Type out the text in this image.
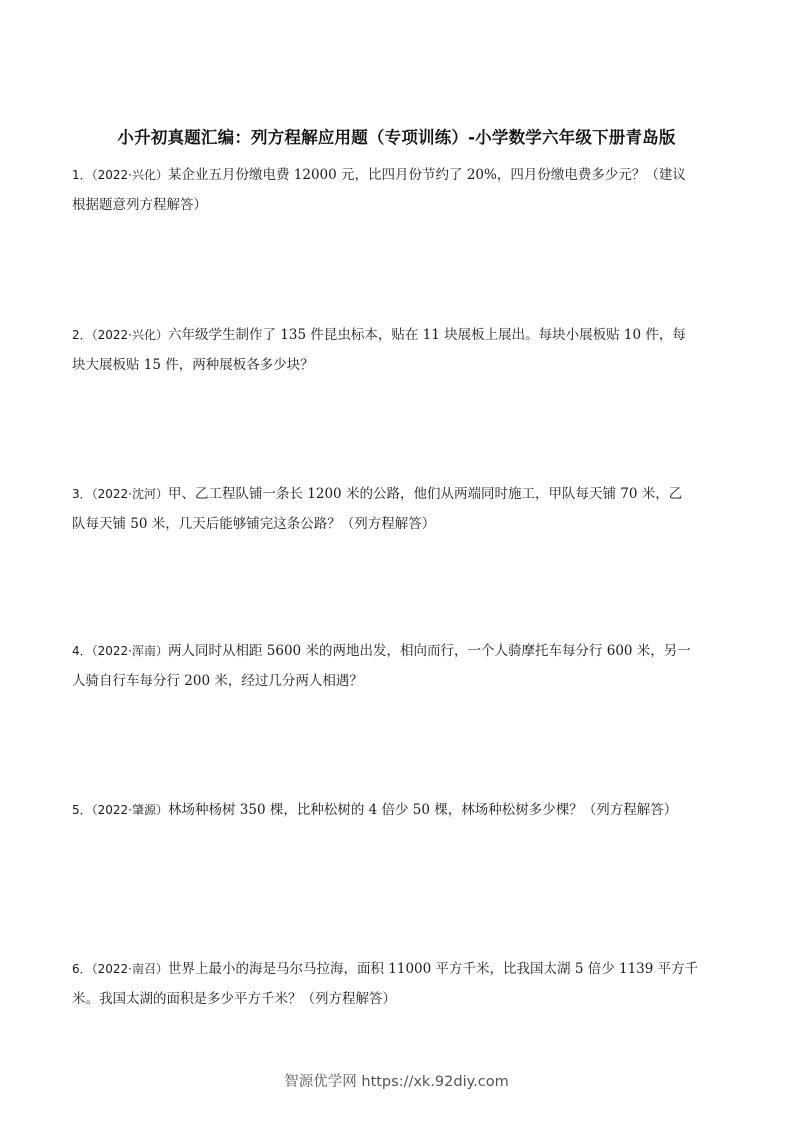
小升初真题汇编：列方程解应用题（专项训练）-小学数学六年级下册青岛版
1．（2022·兴化）某企业五月份缴电费 12000 元，比四月份节约了 20%，四月份缴电费多少元？（建议
根据题意列方程解答）
2．（2022·兴化）六年级学生制作了 135 件昆虫标本，贴在 11 块展板上展出。每块小展板贴 10 件，每
块大展板贴 15 件，两种展板各多少块？
3．（2022·沈河）甲、乙工程队铺一条长 1200 米的公路，他们从两端同时施工，甲队每天铺 70 米，乙
队每天铺 50 米，几天后能够铺完这条公路？（列方程解答）
4．（2022·浑南）两人同时从相距 5600 米的两地出发，相向而行，一个人骑摩托车每分行 600 米，另一
人骑自行车每分行 200 米，经过几分两人相遇？
5．（2022·肇源）林场种杨树 350 棵，比种松树的 4 倍少 50 棵，林场种松树多少棵？（列方程解答）
6．（2022·南召）世界上最小的海是马尔马拉海，面积 11000 平方千米，比我国太湖 5 倍少 1139 平方千
米。我国太湖的面积是多少平方千米？（列方程解答）
智源优学网 https://xk.92diy.com
